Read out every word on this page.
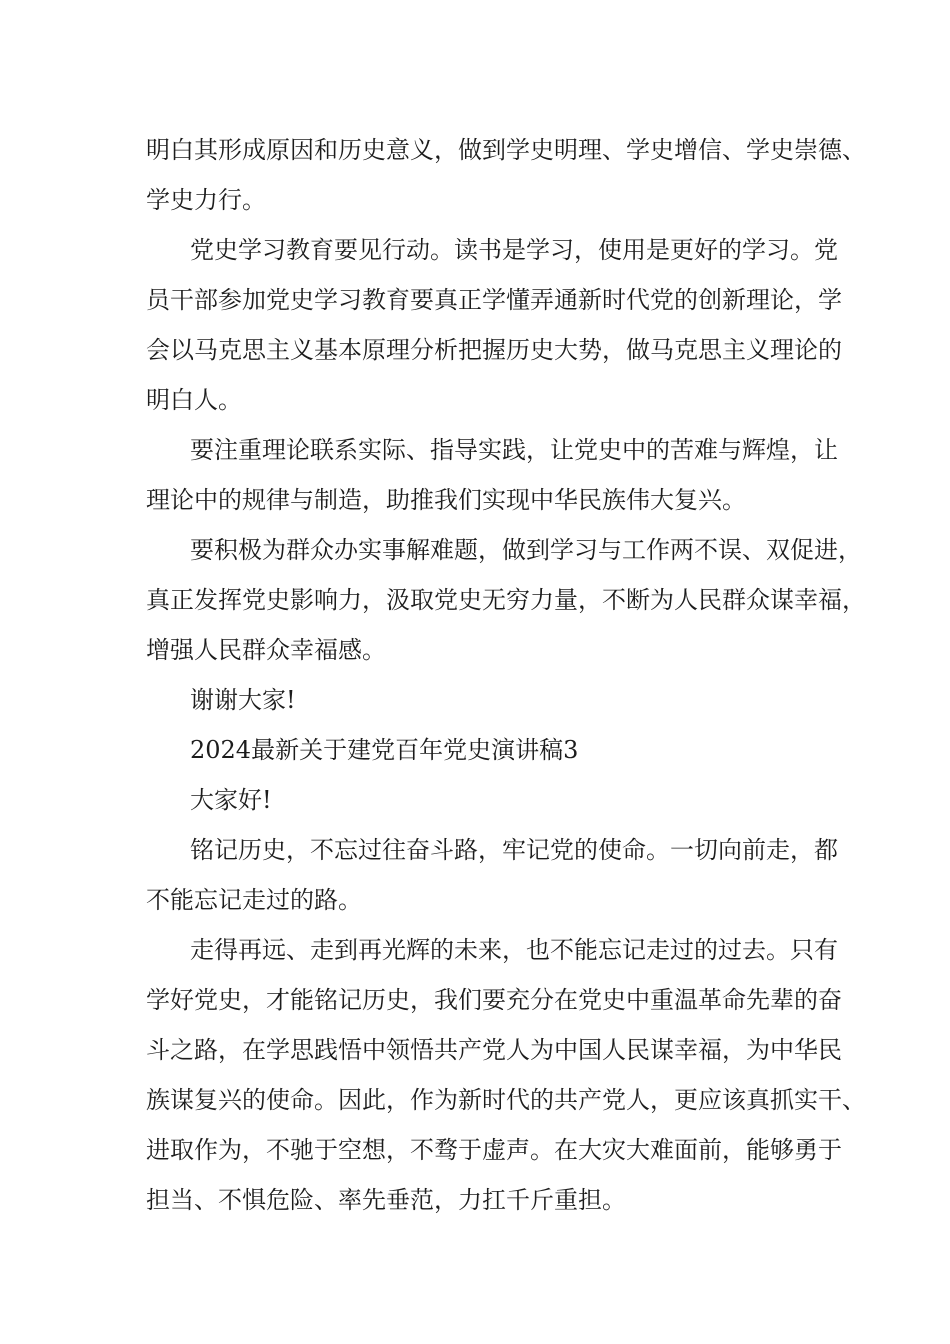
明白其形成原因和历史意义，做到学史明理、学史增信、学史崇德、
学史力行。
党史学习教育要见行动。读书是学习，使用是更好的学习。党
员干部参加党史学习教育要真正学懂弄通新时代党的创新理论，学
会以马克思主义基本原理分析把握历史大势，做马克思主义理论的
明白人。
要注重理论联系实际、指导实践，让党史中的苦难与辉煌，让
理论中的规律与制造，助推我们实现中华民族伟大复兴。
要积极为群众办实事解难题，做到学习与工作两不误、双促进，
真正发挥党史影响力，汲取党史无穷力量，不断为人民群众谋幸福，
增强人民群众幸福感。
谢谢大家!
2024最新关于建党百年党史演讲稿3
大家好!
铭记历史，不忘过往奋斗路，牢记党的使命。一切向前走，都
不能忘记走过的路。
走得再远、走到再光辉的未来，也不能忘记走过的过去。只有
学好党史，才能铭记历史，我们要充分在党史中重温革命先辈的奋
斗之路，在学思践悟中领悟共产党人为中国人民谋幸福，为中华民
族谋复兴的使命。因此，作为新时代的共产党人，更应该真抓实干、
进取作为，不驰于空想，不骛于虚声。在大灾大难面前，能够勇于
担当、不惧危险、率先垂范，力扛千斤重担。
